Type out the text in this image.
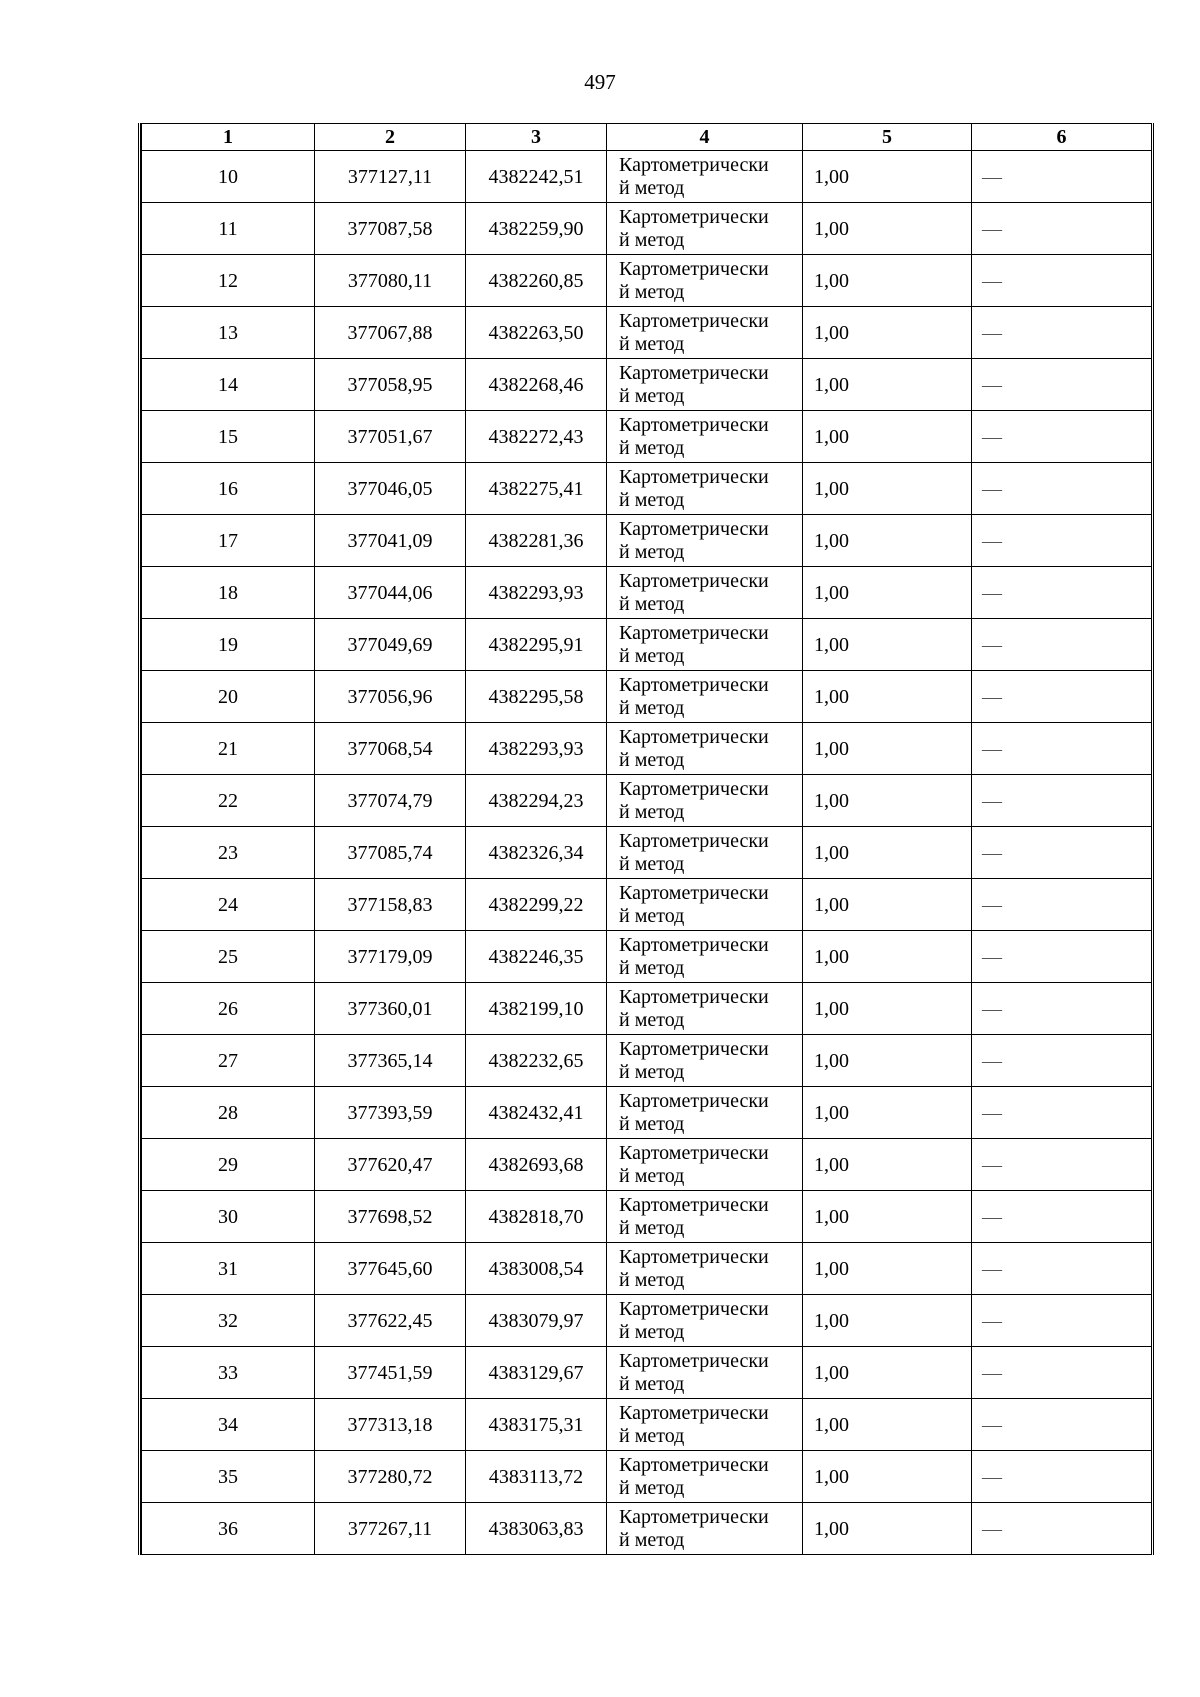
497
1	2	3	4	5	6
10	377127,11	4382242,51	Картометрически
й метод	1,00	—
11	377087,58	4382259,90	Картометрически
й метод	1,00	—
12	377080,11	4382260,85	Картометрически
й метод	1,00	—
13	377067,88	4382263,50	Картометрически
й метод	1,00	—
14	377058,95	4382268,46	Картометрически
й метод	1,00	—
15	377051,67	4382272,43	Картометрически
й метод	1,00	—
16	377046,05	4382275,41	Картометрически
й метод	1,00	—
17	377041,09	4382281,36	Картометрически
й метод	1,00	—
18	377044,06	4382293,93	Картометрически
й метод	1,00	—
19	377049,69	4382295,91	Картометрически
й метод	1,00	—
20	377056,96	4382295,58	Картометрически
й метод	1,00	—
21	377068,54	4382293,93	Картометрически
й метод	1,00	—
22	377074,79	4382294,23	Картометрически
й метод	1,00	—
23	377085,74	4382326,34	Картометрически
й метод	1,00	—
24	377158,83	4382299,22	Картометрически
й метод	1,00	—
25	377179,09	4382246,35	Картометрически
й метод	1,00	—
26	377360,01	4382199,10	Картометрически
й метод	1,00	—
27	377365,14	4382232,65	Картометрически
й метод	1,00	—
28	377393,59	4382432,41	Картометрически
й метод	1,00	—
29	377620,47	4382693,68	Картометрически
й метод	1,00	—
30	377698,52	4382818,70	Картометрически
й метод	1,00	—
31	377645,60	4383008,54	Картометрически
й метод	1,00	—
32	377622,45	4383079,97	Картометрически
й метод	1,00	—
33	377451,59	4383129,67	Картометрически
й метод	1,00	—
34	377313,18	4383175,31	Картометрически
й метод	1,00	—
35	377280,72	4383113,72	Картометрически
й метод	1,00	—
36	377267,11	4383063,83	Картометрически
й метод	1,00	—
